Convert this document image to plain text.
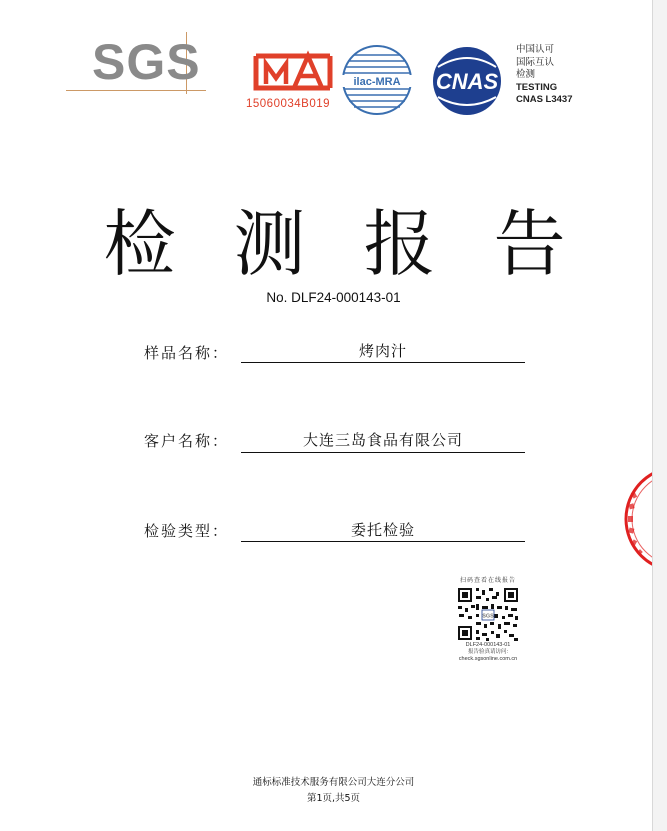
SGS
15060034B019
ilac-MRA CNAS
中国认可
国际互认
检测
TESTING
CNAS L3437
检 测 报 告
No. DLF24-000143-01
样品名称：	烤肉汁
客户名称：	大连三岛食品有限公司
检验类型：	委托检验
扫码查看在线报告
SGS
DLF24-000143-01
报告验真请访问:
check.sgsonline.com.cn
通标标准技术服务有限公司大连分公司
第1页,共5页
